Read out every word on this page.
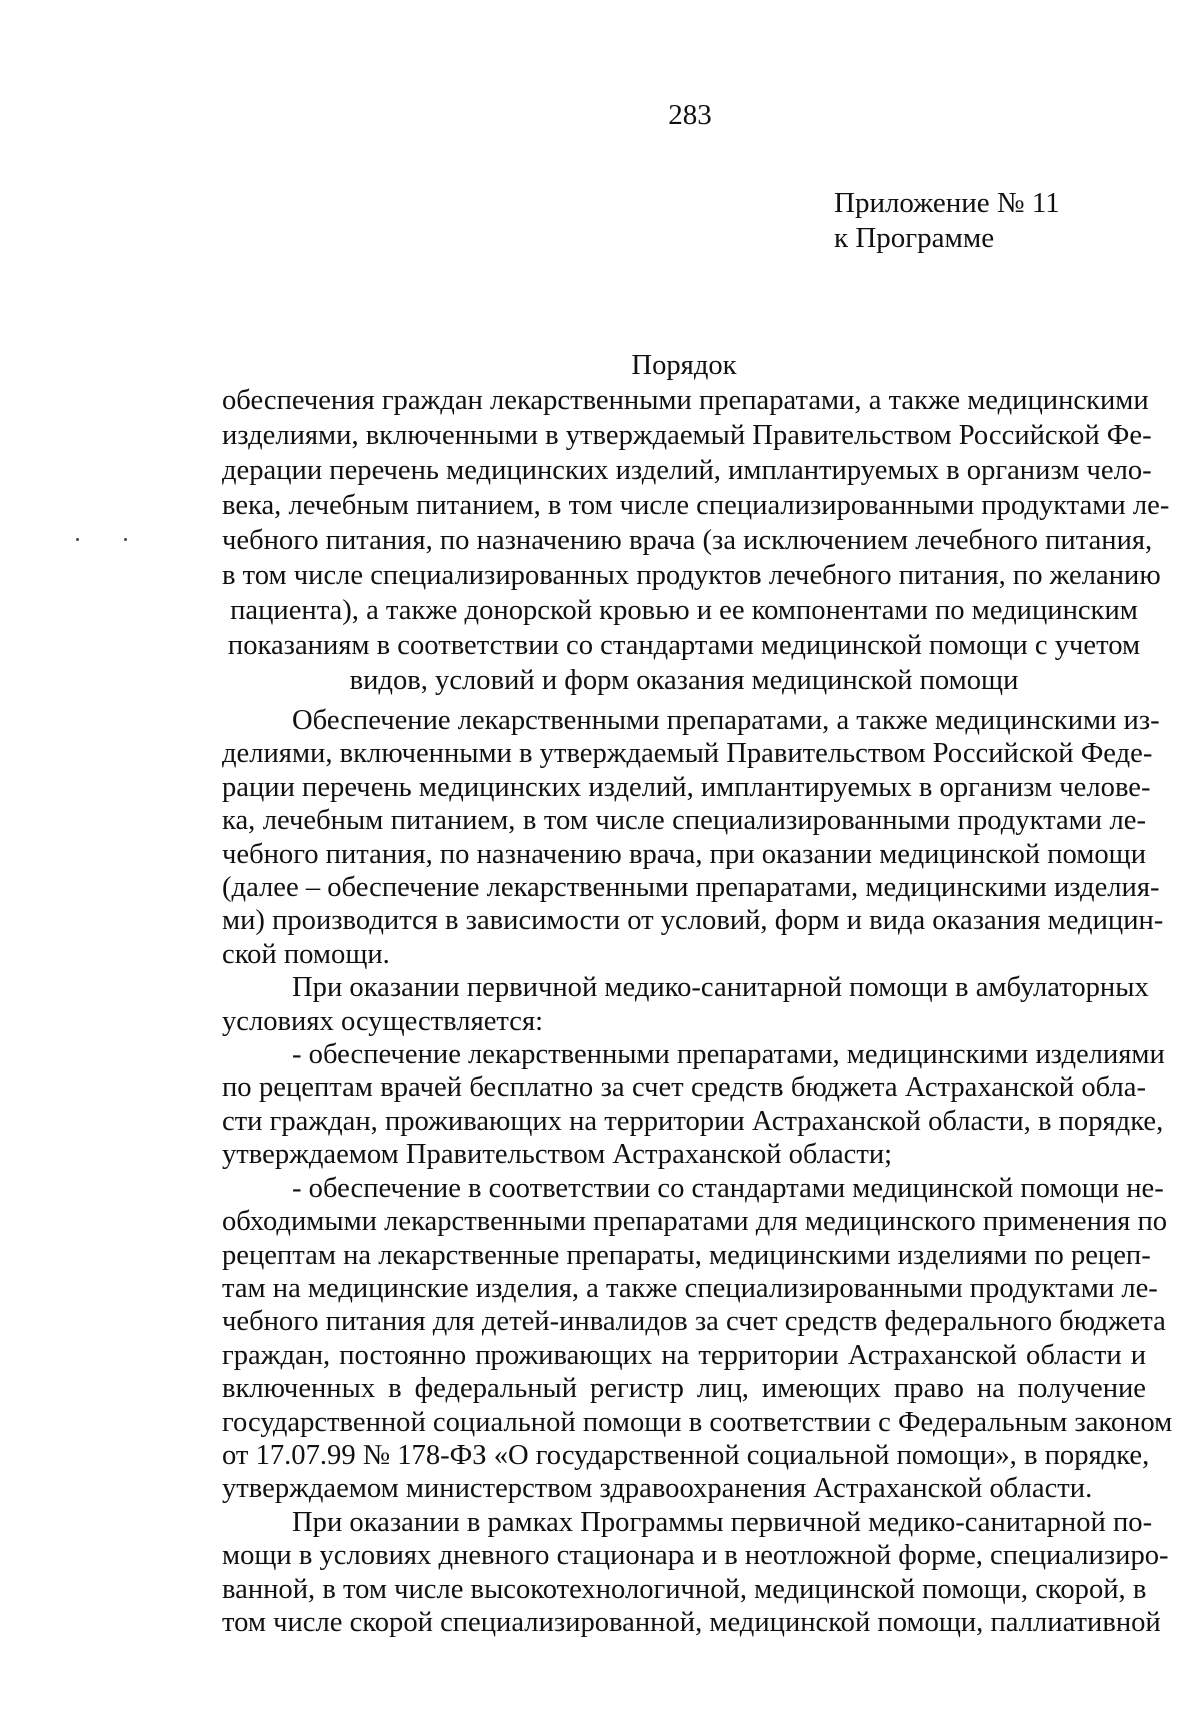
283
Приложение № 11
к Программе
Порядок
обеспечения граждан лекарственными препаратами, а также медицинскими
изделиями, включенными в утверждаемый Правительством Российской Фе-
дерации перечень медицинских изделий, имплантируемых в организм чело-
века, лечебным питанием, в том числе специализированными продуктами ле-
чебного питания, по назначению врача (за исключением лечебного питания,
в том числе специализированных продуктов лечебного питания, по желанию
пациента), а также донорской кровью и ее компонентами по медицинским
показаниям в соответствии со стандартами медицинской помощи с учетом
видов, условий и форм оказания медицинской помощи
Обеспечение лекарственными препаратами, а также медицинскими из-
делиями, включенными в утверждаемый Правительством Российской Феде-
рации перечень медицинских изделий, имплантируемых в организм челове-
ка, лечебным питанием, в том числе специализированными продуктами ле-
чебного питания, по назначению врача, при оказании медицинской помощи
(далее – обеспечение лекарственными препаратами, медицинскими изделия-
ми) производится в зависимости от условий, форм и вида оказания медицин-
ской помощи.
При оказании первичной медико-санитарной помощи в амбулаторных
условиях осуществляется:
- обеспечение лекарственными препаратами, медицинскими изделиями
по рецептам врачей бесплатно за счет средств бюджета Астраханской обла-
сти граждан, проживающих на территории Астраханской области, в порядке,
утверждаемом Правительством Астраханской области;
- обеспечение в соответствии со стандартами медицинской помощи не-
обходимыми лекарственными препаратами для медицинского применения по
рецептам на лекарственные препараты, медицинскими изделиями по рецеп-
там на медицинские изделия, а также специализированными продуктами ле-
чебного питания для детей-инвалидов за счет средств федерального бюджета
граждан, постоянно проживающих на территории Астраханской области и
включенных в федеральный регистр лиц, имеющих право на получение
государственной социальной помощи в соответствии с Федеральным законом
от 17.07.99 № 178-ФЗ «О государственной социальной помощи», в порядке,
утверждаемом министерством здравоохранения Астраханской области.
При оказании в рамках Программы первичной медико-санитарной по-
мощи в условиях дневного стационара и в неотложной форме, специализиро-
ванной, в том числе высокотехнологичной, медицинской помощи, скорой, в
том числе скорой специализированной, медицинской помощи, паллиативной
